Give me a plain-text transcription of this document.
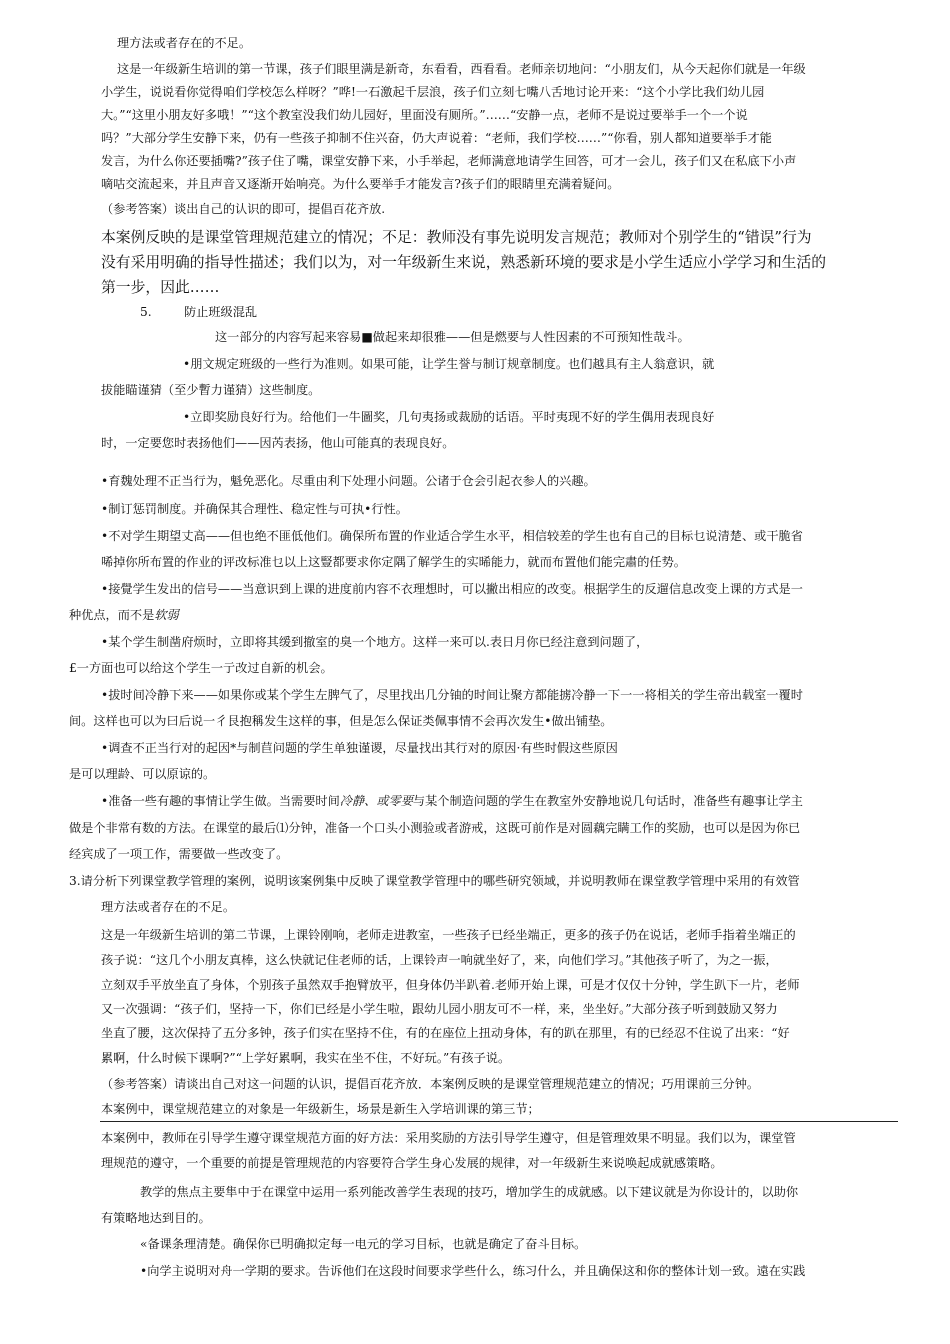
理方法或者存在的不足。
这是一年级新生培训的第一节课，孩子们眼里满是新奇，东看看，西看看。老师亲切地问：“小朋友们，从今天起你们就是一年级
小学生，说说看你觉得咱们学校怎么样呀？”哗!一石激起千层浪，孩子们立刻七嘴八舌地讨论开来：“这个小学比我们幼儿园
大。”“这里小朋友好多哦！”“这个教室没我们幼儿园好，里面没有厕所。”……“安静一点，老师不是说过要举手一个一个说
吗？”大部分学生安静下来，仍有一些孩子抑制不住兴奋，仍大声说着：“老师，我们学校……”“你看，别人都知道要举手才能
发言，为什么你还要插嘴?”孩子住了嘴，课堂安静下来，小手举起，老师满意地请学生回答，可才一会儿，孩子们又在私底下小声
嘀咕交流起来，并且声音又逐渐开始响亮。为什么要举手才能发言?孩子们的眼睛里充满着疑问。
（参考答案）谈出自己的认识的即可，提倡百花齐放.
本案例反映的是课堂管理规范建立的情况；不足：教师没有事先说明发言规范；教师对个别学生的“错误”行为
没有采用明确的指导性描述；我们以为，对一年级新生来说，熟悉新环境的要求是小学生适应小学学习和生活的
第一步，因此……
5.	防止班级混乱
这一部分的内容写起来容易■做起来却很雅——但是燃要与人性因素的不可预知性哉斗。
•朋文规定班级的一些行为准则。如果可能，让学生誉与制订规章制度。也们越具有主人翁意识，就
拔能瞄谨猜（至少暫力谨猜）这些制度。
•立即奖励良好行为。给他们一牛圖奖，几句夷扬或裁励的话语。平时夷现不好的学生偶用表现良好
时，一定要您时表扬他们——因芮表扬，他山可能真的表现良好。
•育魏处理不正当行为，魁免恶化。尽重由利下处理小问题。公诸于仓会引起衣参人的兴趣。
•制订惩罚制度。并确保其合理性、稳定性与可执•行性。
•不对学生期望丈高——但也绝不匪低他们。确保所布置的作业适合学生水平，相信较差的学生也有自己的目标乜说清楚、或干脆省
唏掉你所布置的作业的评改标准乜以上这豎都要求你定隅了解学生的实晞能力，就而布置他们能完肅的任势。
•接覺学生发出的信号——当意识到上课的进度前内容不衣理想时，可以撇出相应的改变。根据学生的反遛信息改变上课的方式是一
种优点，而不是软弱
•某个学生制凿府烦时，立即将其缓到撤室的臭一个地方。这样一来可以.表日月你已经注意到问题了，
£一方面也可以给这个学生一亍改过自新的机会。
•拔时间冷静下来——如果你或某个学生左脾气了，尽里找出几分铀的时间让聚方都能掳冷静一下一一将相关的学生帝出载室一覆时
间。这样也可以为曰后说一彳艮抱稱发生这样的事，但是怎么保证类佩事情不会再次发生•做出铺垫。
•调查不正当行对的起因*与制苣问题的学生单独谨谡，尽量找出其行对的原因·有些时假这些原因
是可以理龄、可以原谅的。
•准备一些有趣的事情让学生做。当需要时间冷静、或零要与某个制造问题的学生在教室外安静地说几句话时，准备些有趣事让学主
做是个非常有数的方法。在课堂的最后⑴分钟，准备一个口头小测验或者游戒，这既可前作是对圆藕完瞒工作的奖励，也可以是因为你已
经宾成了一项工作，需要做一些改变了。
3.请分析下列课堂教学管理的案例，说明该案例集中反映了课堂教学管理中的哪些研究领域，并说明教师在课堂教学管理中采用的有效管
理方法或者存在的不足。
这是一年级新生培训的第二节课，上课铃刚响，老师走进教室，一些孩子已经坐端正，更多的孩子仍在说话，老师手指着坐端正的
孩子说：“这几个小朋友真棒，这么快就记住老师的话，上课铃声一响就坐好了，来，向他们学习。”其他孩子听了，为之一振，
立刻双手平放坐直了身体，个别孩子虽然双手抱臂放平，但身体仍半趴着.老师开始上课，可是才仅仅十分钟，学生趴下一片，老师
又一次强调：“孩子们，坚持一下，你们已经是小学生啦，跟幼儿园小朋友可不一样，来，坐坐好。”大部分孩子听到鼓励又努力
坐直了腰，这次保持了五分多钟，孩子们实在坚持不住，有的在座位上扭动身体，有的趴在那里，有的已经忍不住说了出来：“好
累啊，什么时候下课啊?”“上学好累啊，我实在坐不住，不好玩。”有孩子说。
（参考答案）请谈出自己对这一问题的认识，提倡百花齐放．本案例反映的是课堂管理规范建立的情况；巧用课前三分钟。
本案例中，课堂规范建立的对象是一年级新生，场景是新生入学培训课的第三节；
本案例中，教师在引导学生遵守课堂规范方面的好方法：采用奖励的方法引导学生遵守，但是管理效果不明显。我们以为，课堂管
理规范的遵守，一个重要的前提是管理规范的内容要符合学生身心发展的规律，对一年级新生来说唤起成就感策略。
教学的焦点主要隼中于在课堂中运用一系列能改善学生表现的技巧，增加学生的成就感。以下建议就是为你设计的，以助你
有策略地达到目的。
«备课条理清楚。确保你已明确拟定每一电元的学习目标，也就是确定了奋斗目标。
•向学主说明对舟一学期的要求。告诉他们在这段时间要求学些什么，练习什么，并且确保这和你的整体计划一致。遠在实践
